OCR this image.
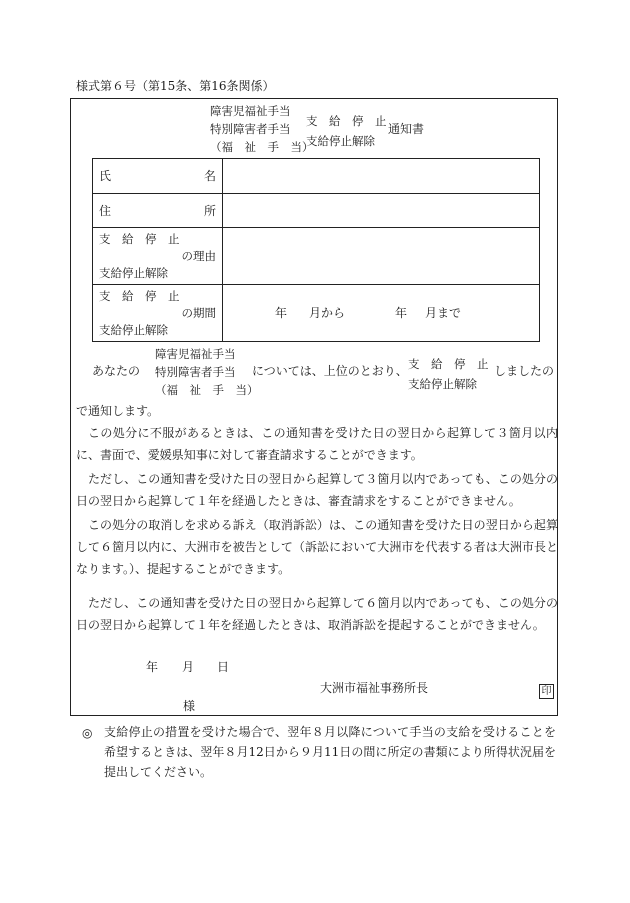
様式第６号（第15条、第16条関係）
障害児福祉手当
特別障害者手当
（福　祉　手　当）
支　給　停　止
支給停止解除
通知書
氏 名	

住 所	

支　給　停　止
の理由
支給停止解除	

支　給　停　止
の期間
支給停止解除	年 月から 年 月まで
あなたの
障害児福祉手当
特別障害者手当
（福　祉　手　当）
については、上位のとおり、 支　給　停　止
支給停止解除
しましたの
で通知します。

この処分に不服があるときは、この通知書を受けた日の翌日から起算して３箇月以内に、書面で、愛媛県知事に対して審査請求することができます。

ただし、この通知書を受けた日の翌日から起算して３箇月以内であっても、この処分の日の翌日から起算して１年を経過したときは、審査請求をすることができません。

この処分の取消しを求める訴え（取消訴訟）は、この通知書を受けた日の翌日から起算して６箇月以内に、大洲市を被告として（訴訟において大洲市を代表する者は大洲市長となります。）、提起することができます。

ただし、この通知書を受けた日の翌日から起算して６箇月以内であっても、この処分の日の翌日から起算して１年を経過したときは、取消訴訟を提起することができません。

年 月 日
大洲市福祉事務所長	印
様
◎ 支給停止の措置を受けた場合で、翌年８月以降について手当の支給を受けることを希望するときは、翌年８月12日から９月11日の間に所定の書類により所得状況届を提出してください。
